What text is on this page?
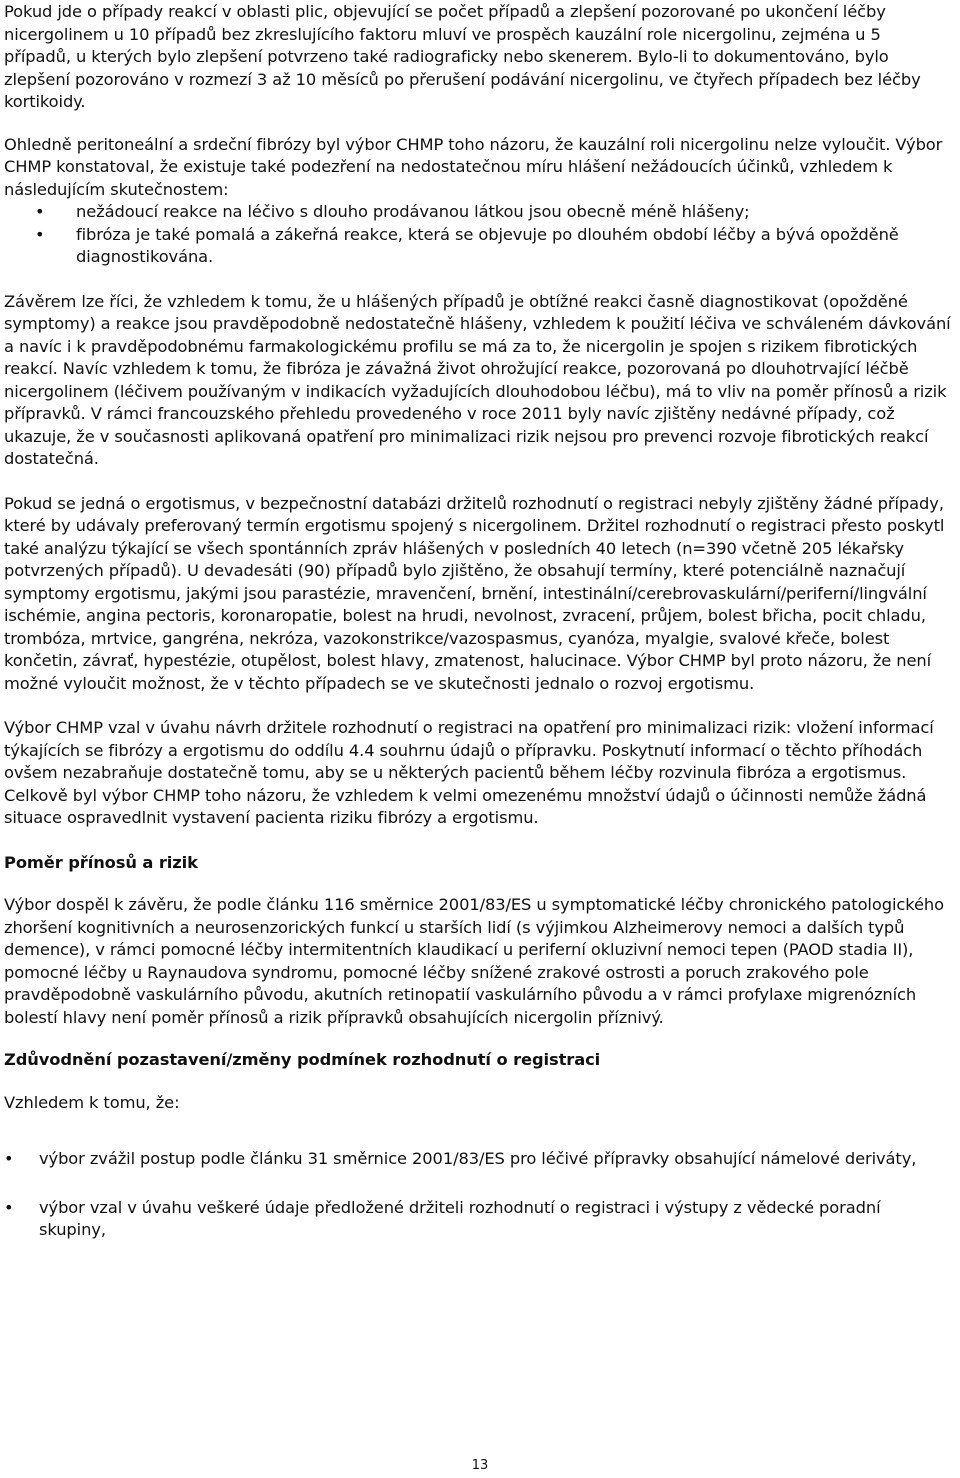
Pokud jde o případy reakcí v oblasti plic, objevující se počet případů a zlepšení pozorované po ukončení léčby nicergolinem u 10 případů bez zkreslujícího faktoru mluví ve prospěch kauzální role nicergolinu, zejména u 5 případů, u kterých bylo zlepšení potvrzeno také radiograficky nebo skenerem. Bylo-li to dokumentováno, bylo zlepšení pozorováno v rozmezí 3 až 10 měsíců po přerušení podávání nicergolinu, ve čtyřech případech bez léčby kortikoidy.

Ohledně peritoneální a srdeční fibrózy byl výbor CHMP toho názoru, že kauzální roli nicergolinu nelze vyloučit. Výbor CHMP konstatoval, že existuje také podezření na nedostatečnou míru hlášení nežádoucích účinků, vzhledem k následujícím skutečnostem:

• nežádoucí reakce na léčivo s dlouho prodávanou látkou jsou obecně méně hlášeny;
• fibróza je také pomalá a zákeřná reakce, která se objevuje po dlouhém období léčby a bývá opožděně diagnostikována.

Závěrem lze říci, že vzhledem k tomu, že u hlášených případů je obtížné reakci časně diagnostikovat (opožděné symptomy) a reakce jsou pravděpodobně nedostatečně hlášeny, vzhledem k použití léčiva ve schváleném dávkování a navíc i k pravděpodobnému farmakologickému profilu se má za to, že nicergolin je spojen s rizikem fibrotických reakcí. Navíc vzhledem k tomu, že fibróza je závažná život ohrožující reakce, pozorovaná po dlouhotrvající léčbě nicergolinem (léčivem používaným v indikacích vyžadujících dlouhodobou léčbu), má to vliv na poměr přínosů a rizik přípravků. V rámci francouzského přehledu provedeného v roce 2011 byly navíc zjištěny nedávné případy, což ukazuje, že v současnosti aplikovaná opatření pro minimalizaci rizik nejsou pro prevenci rozvoje fibrotických reakcí dostatečná.

Pokud se jedná o ergotismus, v bezpečnostní databázi držitelů rozhodnutí o registraci nebyly zjištěny žádné případy, které by udávaly preferovaný termín ergotismu spojený s nicergolinem. Držitel rozhodnutí o registraci přesto poskytl také analýzu týkající se všech spontánních zpráv hlášených v posledních 40 letech (n=390 včetně 205 lékařsky potvrzených případů). U devadesáti (90) případů bylo zjištěno, že obsahují termíny, které potenciálně naznačují symptomy ergotismu, jakými jsou parastézie, mravenčení, brnění, intestinální/cerebrovaskulární/periferní/lingvální ischémie, angina pectoris, koronaropatie, bolest na hrudi, nevolnost, zvracení, průjem, bolest břicha, pocit chladu, trombóza, mrtvice, gangréna, nekróza, vazokonstrikce/vazospasmus, cyanóza, myalgie, svalové křeče, bolest končetin, závrať, hypestézie, otupělost, bolest hlavy, zmatenost, halucinace. Výbor CHMP byl proto názoru, že není možné vyloučit možnost, že v těchto případech se ve skutečnosti jednalo o rozvoj ergotismu.

Výbor CHMP vzal v úvahu návrh držitele rozhodnutí o registraci na opatření pro minimalizaci rizik: vložení informací týkajících se fibrózy a ergotismu do oddílu 4.4 souhrnu údajů o přípravku. Poskytnutí informací o těchto příhodách ovšem nezabraňuje dostatečně tomu, aby se u některých pacientů během léčby rozvinula fibróza a ergotismus.

Celkově byl výbor CHMP toho názoru, že vzhledem k velmi omezenému množství údajů o účinnosti nemůže žádná situace ospravedlnit vystavení pacienta riziku fibrózy a ergotismu.

Poměr přínosů a rizik

Výbor dospěl k závěru, že podle článku 116 směrnice 2001/83/ES u symptomatické léčby chronického patologického zhoršení kognitivních a neurosenzorických funkcí u starších lidí (s výjimkou Alzheimerovy nemoci a dalších typů demence), v rámci pomocné léčby intermitentních klaudikací u periferní okluzivní nemoci tepen (PAOD stadia II), pomocné léčby u Raynaudova syndromu, pomocné léčby snížené zrakové ostrosti a poruch zrakového pole pravděpodobně vaskulárního původu, akutních retinopatií vaskulárního původu a v rámci profylaxe migrenózních bolestí hlavy není poměr přínosů a rizik přípravků obsahujících nicergolin příznivý.

Zdůvodnění pozastavení/změny podmínek rozhodnutí o registraci

Vzhledem k tomu, že:

• výbor zvážil postup podle článku 31 směrnice 2001/83/ES pro léčivé přípravky obsahující námelové deriváty,
• výbor vzal v úvahu veškeré údaje předložené držiteli rozhodnutí o registraci i výstupy z vědecké poradní skupiny,
13
